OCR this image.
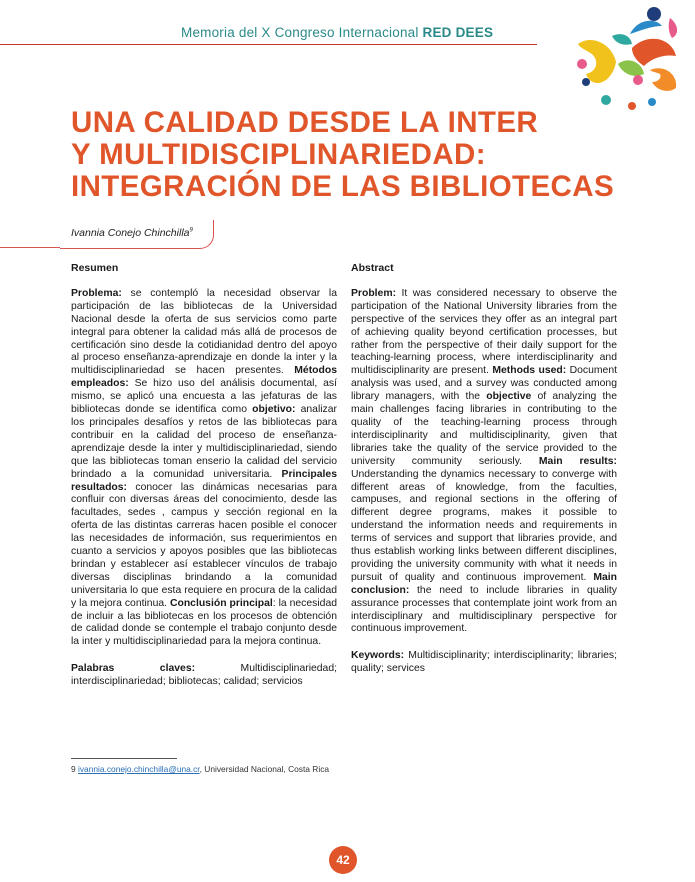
Memoria del X Congreso Internacional RED DEES
UNA CALIDAD DESDE LA INTER
Y MULTIDISCIPLINARIEDAD:
INTEGRACIÓN DE LAS BIBLIOTECAS
Ivannia Conejo Chinchilla$^9$
Resumen

Problema: se contempló la necesidad observar la participación de las bibliotecas de la Universidad Nacional desde la oferta de sus servicios como parte integral para obtener la calidad más allá de procesos de certificación sino desde la cotidianidad dentro del apoyo al proceso enseñanza-aprendizaje en donde la inter y la multidisciplinariedad se hacen presentes. Métodos empleados: Se hizo uso del análisis documental, así mismo, se aplicó una encuesta a las jefaturas de las bibliotecas donde se identifica como objetivo: analizar los principales desafíos y retos de las bibliotecas para contribuir en la calidad del proceso de enseñanza-aprendizaje desde la inter y multidisciplinariedad, siendo que las bibliotecas toman enserio la calidad del servicio brindado a la comunidad universitaria. Principales resultados: conocer las dinámicas necesarias para confluir con diversas áreas del conocimiento, desde las facultades, sedes , campus y sección regional en la oferta de las distintas carreras hacen posible el conocer las necesidades de información, sus requerimientos en cuanto a servicios y apoyos posibles que las bibliotecas brindan y establecer así establecer vínculos de trabajo diversas disciplinas brindando a la comunidad universitaria lo que esta requiere en procura de la calidad y la mejora continua. Conclusión principal: la necesidad de incluir a las bibliotecas en los procesos de obtención de calidad donde se contemple el trabajo conjunto desde la inter y multidisciplinariedad para la mejora continua.

Palabras claves: Multidisciplinariedad; interdisciplinariedad; bibliotecas; calidad; servicios

Abstract

Problem: It was considered necessary to observe the participation of the National University libraries from the perspective of the services they offer as an integral part of achieving quality beyond certification processes, but rather from the perspective of their daily support for the teaching-learning process, where interdisciplinarity and multidisciplinarity are present. Methods used: Document analysis was used, and a survey was conducted among library managers, with the objective of analyzing the main challenges facing libraries in contributing to the quality of the teaching-learning process through interdisciplinarity and multidisciplinarity, given that libraries take the quality of the service provided to the university community seriously. Main results: Understanding the dynamics necessary to converge with different areas of knowledge, from the faculties, campuses, and regional sections in the offering of different degree programs, makes it possible to understand the information needs and requirements in terms of services and support that libraries provide, and thus establish working links between different disciplines, providing the university community with what it needs in pursuit of quality and continuous improvement. Main conclusion: the need to include libraries in quality assurance processes that contemplate joint work from an interdisciplinary and multidisciplinary perspective for continuous improvement.

Keywords: Multidisciplinarity; interdisciplinarity; libraries; quality; services

9 ivannia.conejo.chinchilla@una.cr, Universidad Nacional, Costa Rica
42
